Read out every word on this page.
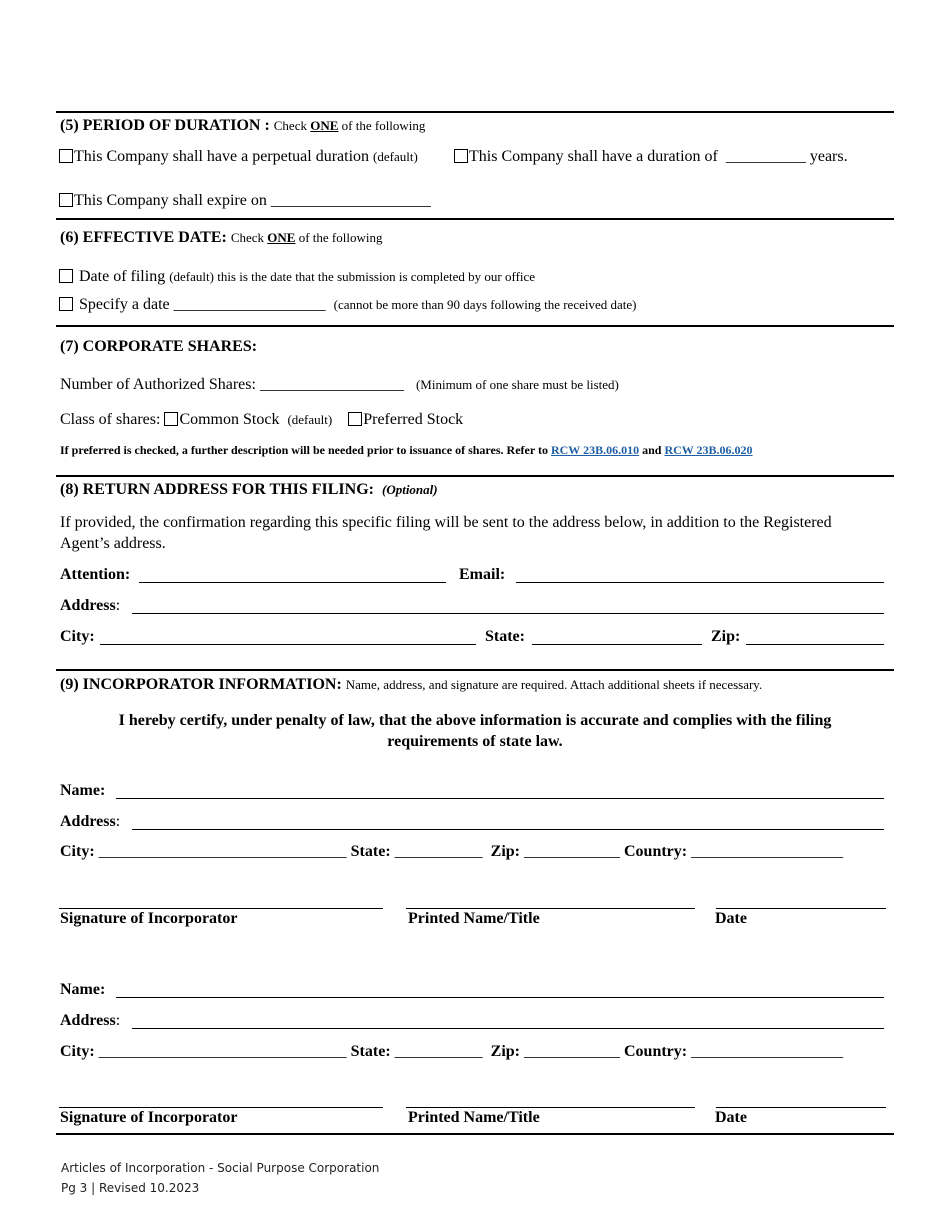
(5) PERIOD OF DURATION : Check ONE of the following
This Company shall have a perpetual duration (default)	This Company shall have a duration of __________ years.
This Company shall expire on ____________________
(6) EFFECTIVE DATE: Check ONE of the following
Date of filing (default) this is the date that the submission is completed by our office
Specify a date ___________________ (cannot be more than 90 days following the received date)
(7) CORPORATE SHARES:
Number of Authorized Shares: __________________ (Minimum of one share must be listed)
Class of shares: Common Stock (default) Preferred Stock
If preferred is checked, a further description will be needed prior to issuance of shares. Refer to RCW 23B.06.010 and RCW 23B.06.020
(8) RETURN ADDRESS FOR THIS FILING: (Optional)
If provided, the confirmation regarding this specific filing will be sent to the address below, in addition to the Registered
Agent’s address.
Attention:	Email:
Address:
City:	State:	Zip:
(9) INCORPORATOR INFORMATION: Name, address, and signature are required. Attach additional sheets if necessary.
I hereby certify, under penalty of law, that the above information is accurate and complies with the filing
requirements of state law.
Name:
Address:
City: _______________________________ State: ___________ Zip: ____________ Country: ___________________
Signature of Incorporator	Printed Name/Title	Date
Name:
Address:
City: _______________________________ State: ___________ Zip: ____________ Country: ___________________
Signature of Incorporator	Printed Name/Title	Date
Articles of Incorporation - Social Purpose Corporation
Pg 3 | Revised 10.2023
